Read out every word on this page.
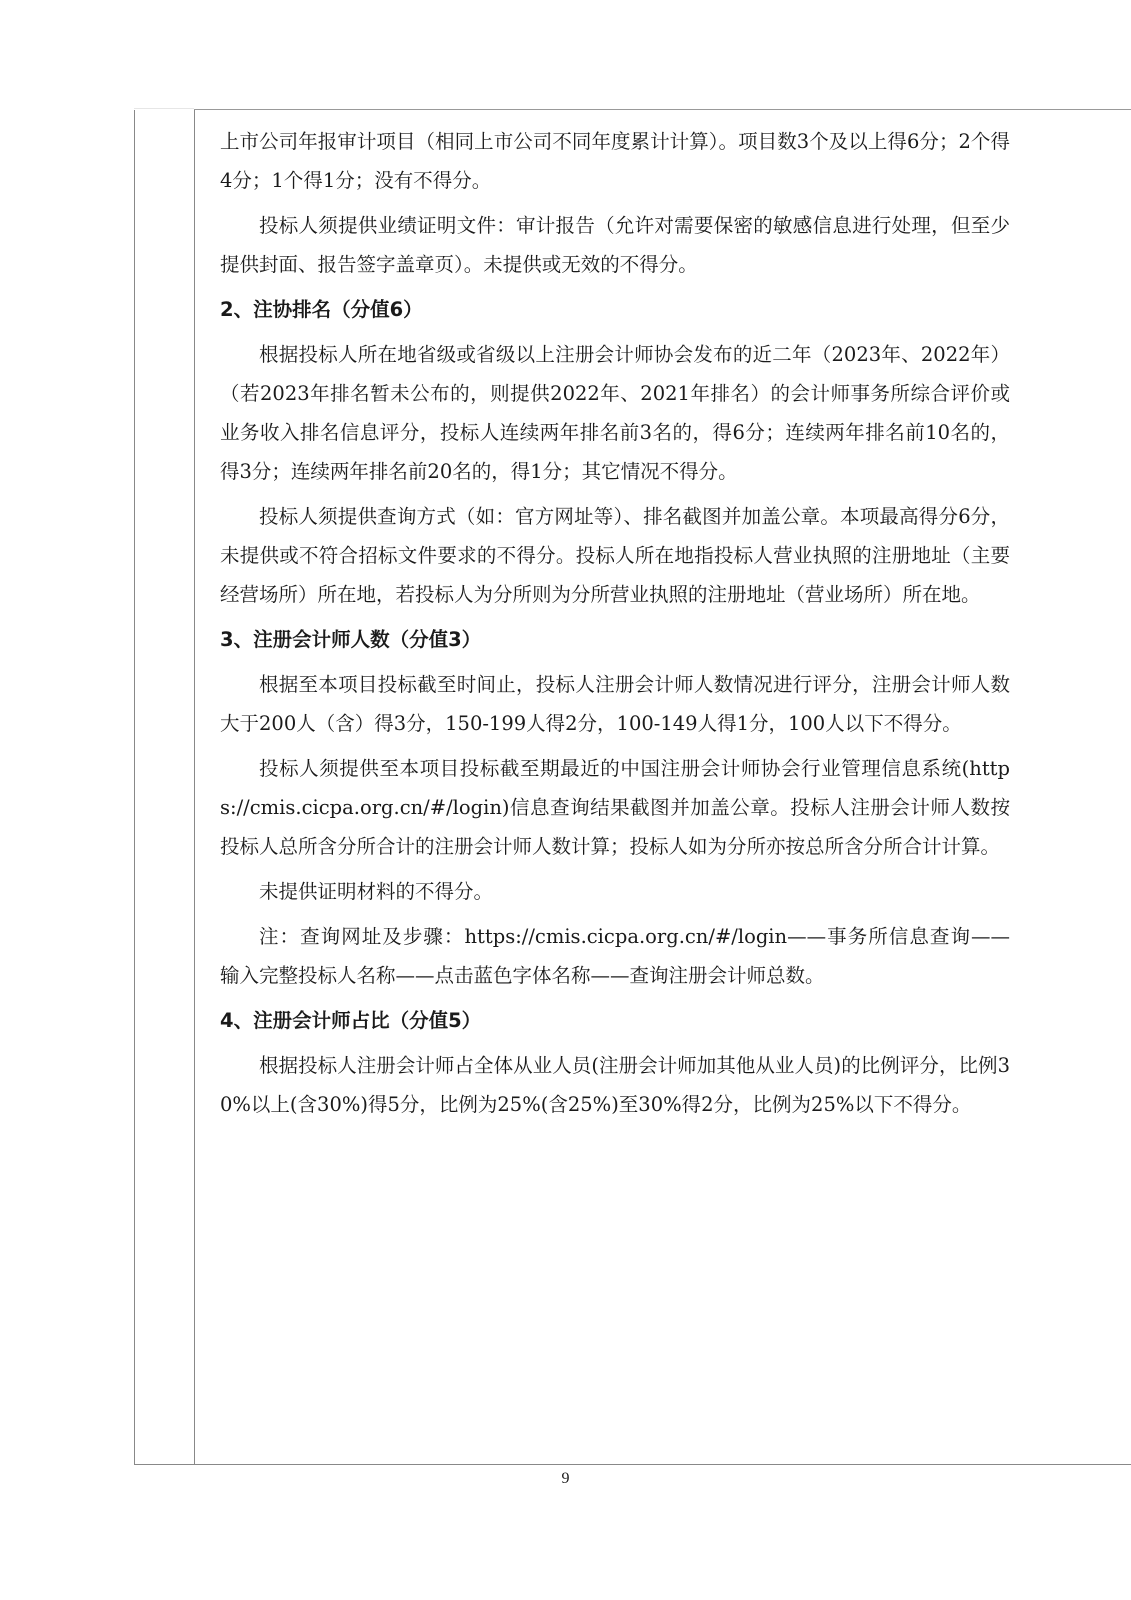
上市公司年报审计项目（相同上市公司不同年度累计计算）。项目数3个及以上得6分；2个得4分；1个得1分；没有不得分。

投标人须提供业绩证明文件：审计报告（允许对需要保密的敏感信息进行处理，但至少提供封面、报告签字盖章页）。未提供或无效的不得分。

2、注协排名（分值6）

根据投标人所在地省级或省级以上注册会计师协会发布的近二年（2023年、2022年）（若2023年排名暂未公布的，则提供2022年、2021年排名）的会计师事务所综合评价或业务收入排名信息评分，投标人连续两年排名前3名的，得6分；连续两年排名前10名的，得3分；连续两年排名前20名的，得1分；其它情况不得分。

投标人须提供查询方式（如：官方网址等）、排名截图并加盖公章。本项最高得分6分，未提供或不符合招标文件要求的不得分。投标人所在地指投标人营业执照的注册地址（主要经营场所）所在地，若投标人为分所则为分所营业执照的注册地址（营业场所）所在地。

3、注册会计师人数（分值3）

根据至本项目投标截至时间止，投标人注册会计师人数情况进行评分，注册会计师人数大于200人（含）得3分，150-199人得2分，100-149人得1分，100人以下不得分。

投标人须提供至本项目投标截至期最近的中国注册会计师协会行业管理信息系统(https://cmis.cicpa.org.cn/#/login)信息查询结果截图并加盖公章。投标人注册会计师人数按投标人总所含分所合计的注册会计师人数计算；投标人如为分所亦按总所含分所合计计算。

未提供证明材料的不得分。

注：查询网址及步骤：https://cmis.cicpa.org.cn/#/login——事务所信息查询——输入完整投标人名称——点击蓝色字体名称——查询注册会计师总数。

4、注册会计师占比（分值5）

根据投标人注册会计师占全体从业人员(注册会计师加其他从业人员)的比例评分，比例30%以上(含30%)得5分，比例为25%(含25%)至30%得2分，比例为25%以下不得分。

9
